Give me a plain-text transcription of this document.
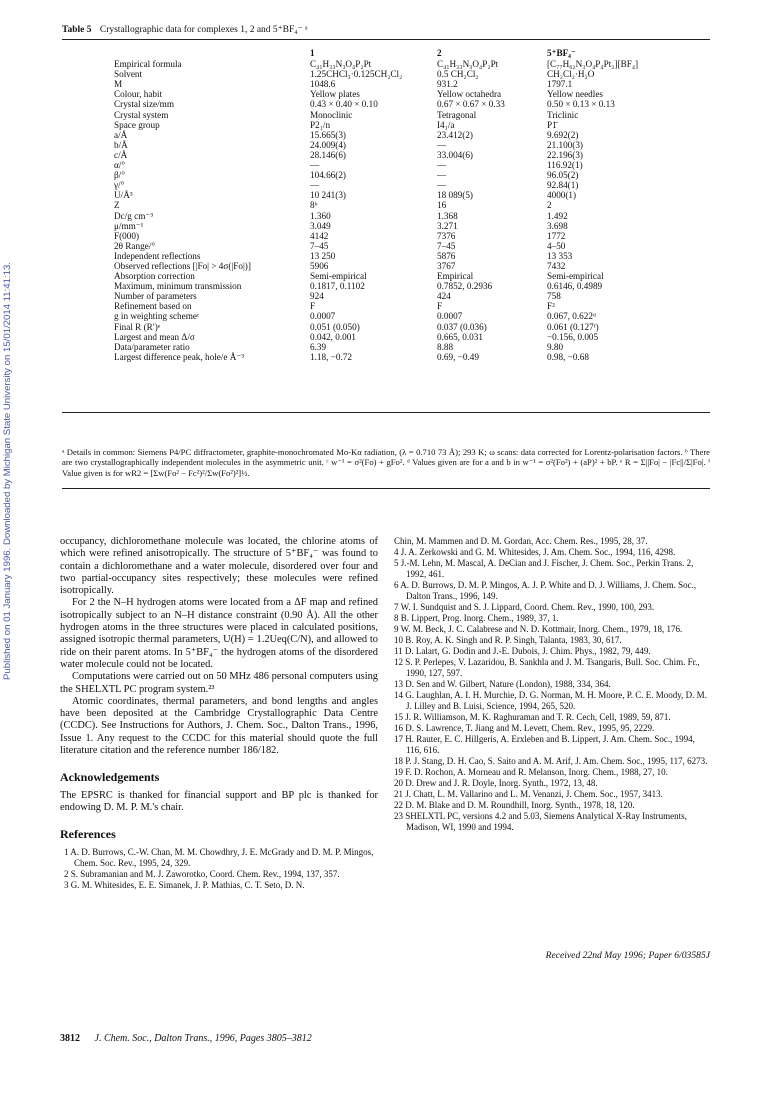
Published on 01 January 1996. Downloaded by Michigan State University on 15/01/2014 11:41:13.
Table 5 Crystallographic data for complexes 1, 2 and 5⁺BF₄⁻ ᵃ
		1	2	5⁺BF₄⁻
	Empirical formula	C₄₁H₃₃N₃O₄P₂Pt	C₄₁H₃₃N₃O₄P₂Pt	[C₇₇H₆₂N₃O₄P₄Pt₂][BF₄]
	Solvent	1.25CHCl₃·0.125CH₂Cl₂	0.5 CH₂Cl₂	CH₂Cl₂·H₂O
	M	1048.6	931.2	1797.1
	Colour, habit	Yellow plates	Yellow octahedra	Yellow needles
	Crystal size/mm	0.43 × 0.40 × 0.10	0.67 × 0.67 × 0.33	0.50 × 0.13 × 0.13
	Crystal system	Monoclinic	Tetragonal	Triclinic
	Space group	P2₁/n	I4₁/a	P1̄
	a/Å	15.665(3)	23.412(2)	9.692(2)
	b/Å	24.009(4)	—	21.100(3)
	c/Å	28.146(6)	33.004(6)	22.196(3)
	α/°	—	—	116.92(1)
	β/°	104.66(2)	—	96.05(2)
	γ/°	—	—	92.84(1)
	U/Å³	10 241(3)	18 089(5)	4000(1)
	Z	8ᵇ	16	2
	Dc/g cm⁻³	1.360	1.368	1.492
	μ/mm⁻¹	3.049	3.271	3.698
	F(000)	4142	7376	1772
	2θ Range/°	7–45	7–45	4–50
	Independent reflections	13 250	5876	13 353
	Observed reflections [|Fo| > 4σ(|Fo|)]	5906	3767	7432
	Absorption correction	Semi-empirical	Empirical	Semi-empirical
	Maximum, minimum transmission	0.1817, 0.1102	0.7852, 0.2936	0.6146, 0.4989
	Number of parameters	924	424	758
	Refinement based on	F	F	F²
	g in weighting schemeᶜ	0.0007	0.0007	0.067, 0.622ᵈ
	Final R (R′)ᵉ	0.051 (0.050)	0.037 (0.036)	0.061 (0.127ᶠ)
	Largest and mean Δ/σ	0.042, 0.001	0.665, 0.031	−0.156, 0.005
	Data/parameter ratio	6.39	8.88	9.80
	Largest difference peak, hole/e Å⁻³	1.18, −0.72	0.69, −0.49	0.98, −0.68
ᵃ Details in common: Siemens P4/PC diffractometer, graphite-monochromated Mo-Kα radiation, (λ = 0.710 73 Å); 293 K; ω scans: data corrected for Lorentz-polarisation factors. ᵇ There are two crystallographically independent molecules in the asymmetric unit. ᶜ w⁻¹ = σ²(Fo) + gFo². ᵈ Values given are for a and b in w⁻¹ = σ²(Fo²) + (aP)² + bP. ᵉ R = Σ||Fo| − |Fc||/Σ|Fo|. ᶠ Value given is for wR2 = [Σw(Fo² − Fc²)²/Σw(Fo²)²]½.

occupancy, dichloromethane molecule was located, the chlorine atoms of which were refined anisotropically. The structure of 5⁺BF₄⁻ was found to contain a dichloromethane and a water molecule, disordered over four and two partial-occupancy sites respectively; these molecules were refined isotropically.

For 2 the N–H hydrogen atoms were located from a ΔF map and refined isotropically subject to an N–H distance constraint (0.90 Å). All the other hydrogen atoms in the three structures were placed in calculated positions, assigned isotropic thermal parameters, U(H) = 1.2Ueq(C/N), and allowed to ride on their parent atoms. In 5⁺BF₄⁻ the hydrogen atoms of the disordered water molecule could not be located.

Computations were carried out on 50 MHz 486 personal computers using the SHELXTL PC program system.²³

Atomic coordinates, thermal parameters, and bond lengths and angles have been deposited at the Cambridge Crystallographic Data Centre (CCDC). See Instructions for Authors, J. Chem. Soc., Dalton Trans., 1996, Issue 1. Any request to the CCDC for this material should quote the full literature citation and the reference number 186/182.

Acknowledgements

The EPSRC is thanked for financial support and BP plc is thanked for endowing D. M. P. M.'s chair.

References
1 A. D. Burrows, C.-W. Chan, M. M. Chowdhry, J. E. McGrady and D. M. P. Mingos, Chem. Soc. Rev., 1995, 24, 329.
2 S. Subramanian and M. J. Zaworotko, Coord. Chem. Rev., 1994, 137, 357.
3 G. M. Whitesides, E. E. Simanek, J. P. Mathias, C. T. Seto, D. N.
Chin, M. Mammen and D. M. Gordan, Acc. Chem. Res., 1995, 28, 37.
4 J. A. Zerkowski and G. M. Whitesides, J. Am. Chem. Soc., 1994, 116, 4298.
5 J.-M. Lehn, M. Mascal, A. DeCian and J. Fischer, J. Chem. Soc., Perkin Trans. 2, 1992, 461.
6 A. D. Burrows, D. M. P. Mingos, A. J. P. White and D. J. Williams, J. Chem. Soc., Dalton Trans., 1996, 149.
7 W. I. Sundquist and S. J. Lippard, Coord. Chem. Rev., 1990, 100, 293.
8 B. Lippert, Prog. Inorg. Chem., 1989, 37, 1.
9 W. M. Beck, J. C. Calabrese and N. D. Kottmair, Inorg. Chem., 1979, 18, 176.
10 B. Roy, A. K. Singh and R. P. Singh, Talanta, 1983, 30, 617.
11 D. Lalart, G. Dodin and J.-E. Dubois, J. Chim. Phys., 1982, 79, 449.
12 S. P. Perlepes, V. Lazaridou, B. Sankhla and J. M. Tsangaris, Bull. Soc. Chim. Fr., 1990, 127, 597.
13 D. Sen and W. Gilbert, Nature (London), 1988, 334, 364.
14 G. Laughlan, A. I. H. Murchie, D. G. Norman, M. H. Moore, P. C. E. Moody, D. M. J. Lilley and B. Luisi, Science, 1994, 265, 520.
15 J. R. Williamson, M. K. Raghuraman and T. R. Cech, Cell, 1989, 59, 871.
16 D. S. Lawrence, T. Jiang and M. Levett, Chem. Rev., 1995, 95, 2229.
17 H. Rauter, E. C. Hillgeris, A. Erxleben and B. Lippert, J. Am. Chem. Soc., 1994, 116, 616.
18 P. J. Stang, D. H. Cao, S. Saito and A. M. Arif, J. Am. Chem. Soc., 1995, 117, 6273.
19 F. D. Rochon, A. Morneau and R. Melanson, Inorg. Chem., 1988, 27, 10.
20 D. Drew and J. R. Doyle, Inorg. Synth., 1972, 13, 48.
21 J. Chatt, L. M. Vallarino and L. M. Venanzi, J. Chem. Soc., 1957, 3413.
22 D. M. Blake and D. M. Roundhill, Inorg. Synth., 1978, 18, 120.
23 SHELXTL PC, versions 4.2 and 5.03, Siemens Analytical X-Ray Instruments, Madison, WI, 1990 and 1994.
Received 22nd May 1996; Paper 6/03585J
3812 J. Chem. Soc., Dalton Trans., 1996, Pages 3805–3812
